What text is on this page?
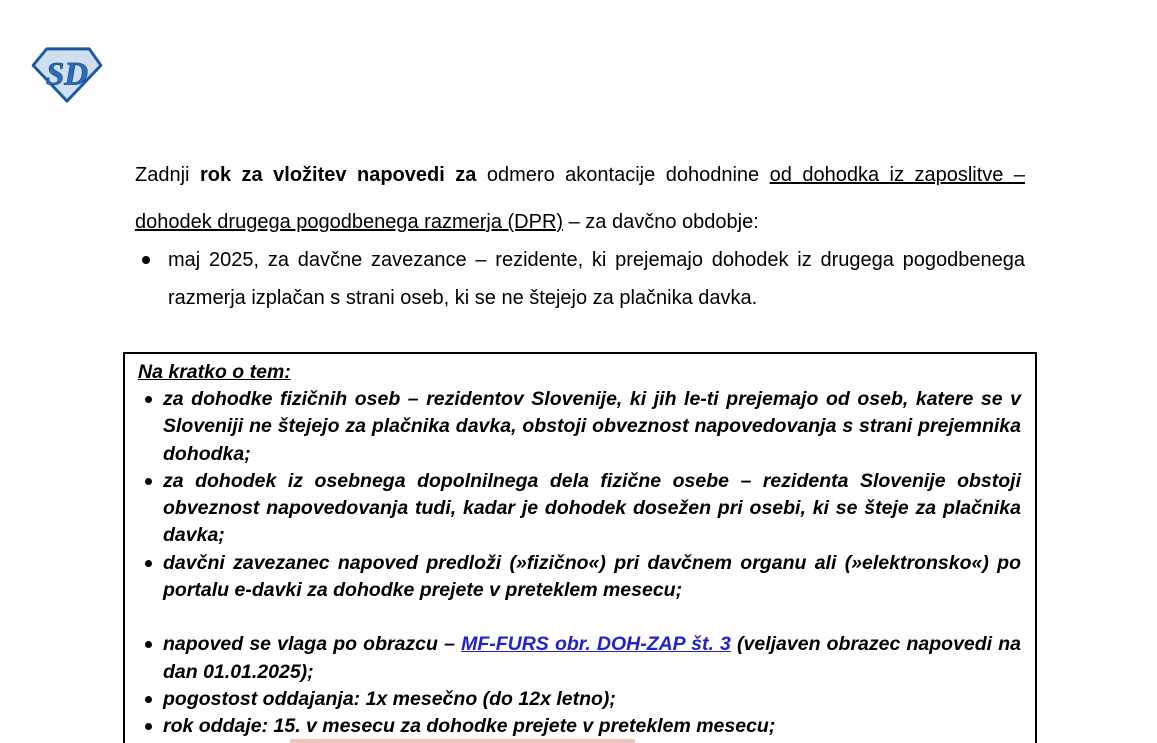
SD

Zadnji rok za vložitev napovedi za odmero akontacije dohodnine od dohodka iz zaposlitve – dohodek drugega pogodbenega razmerja (DPR) – za davčno obdobje:

maj 2025, za davčne zavezance – rezidente, ki prejemajo dohodek iz drugega pogodbenega razmerja izplačan s strani oseb, ki se ne štejejo za plačnika davka.
Na kratko o tem:
za dohodke fizičnih oseb – rezidentov Slovenije, ki jih le-ti prejemajo od oseb, katere se v Sloveniji ne štejejo za plačnika davka, obstoji obveznost napovedovanja s strani prejemnika dohodka;
za dohodek iz osebnega dopolnilnega dela fizične osebe – rezidenta Slovenije obstoji obveznost napovedovanja tudi, kadar je dohodek dosežen pri osebi, ki se šteje za plačnika davka;
davčni zavezanec napoved predloži (»fizično«) pri davčnem organu ali (»elektronsko«) po portalu e-davki za dohodke prejete v preteklem mesecu;
napoved se vlaga po obrazcu – MF-FURS obr. DOH-ZAP št. 3 (veljaven obrazec napovedi na dan 01.01.2025);
pogostost oddajanja: 1x mesečno (do 12x letno);
rok oddaje: 15. v mesecu za dohodke prejete v preteklem mesecu;
